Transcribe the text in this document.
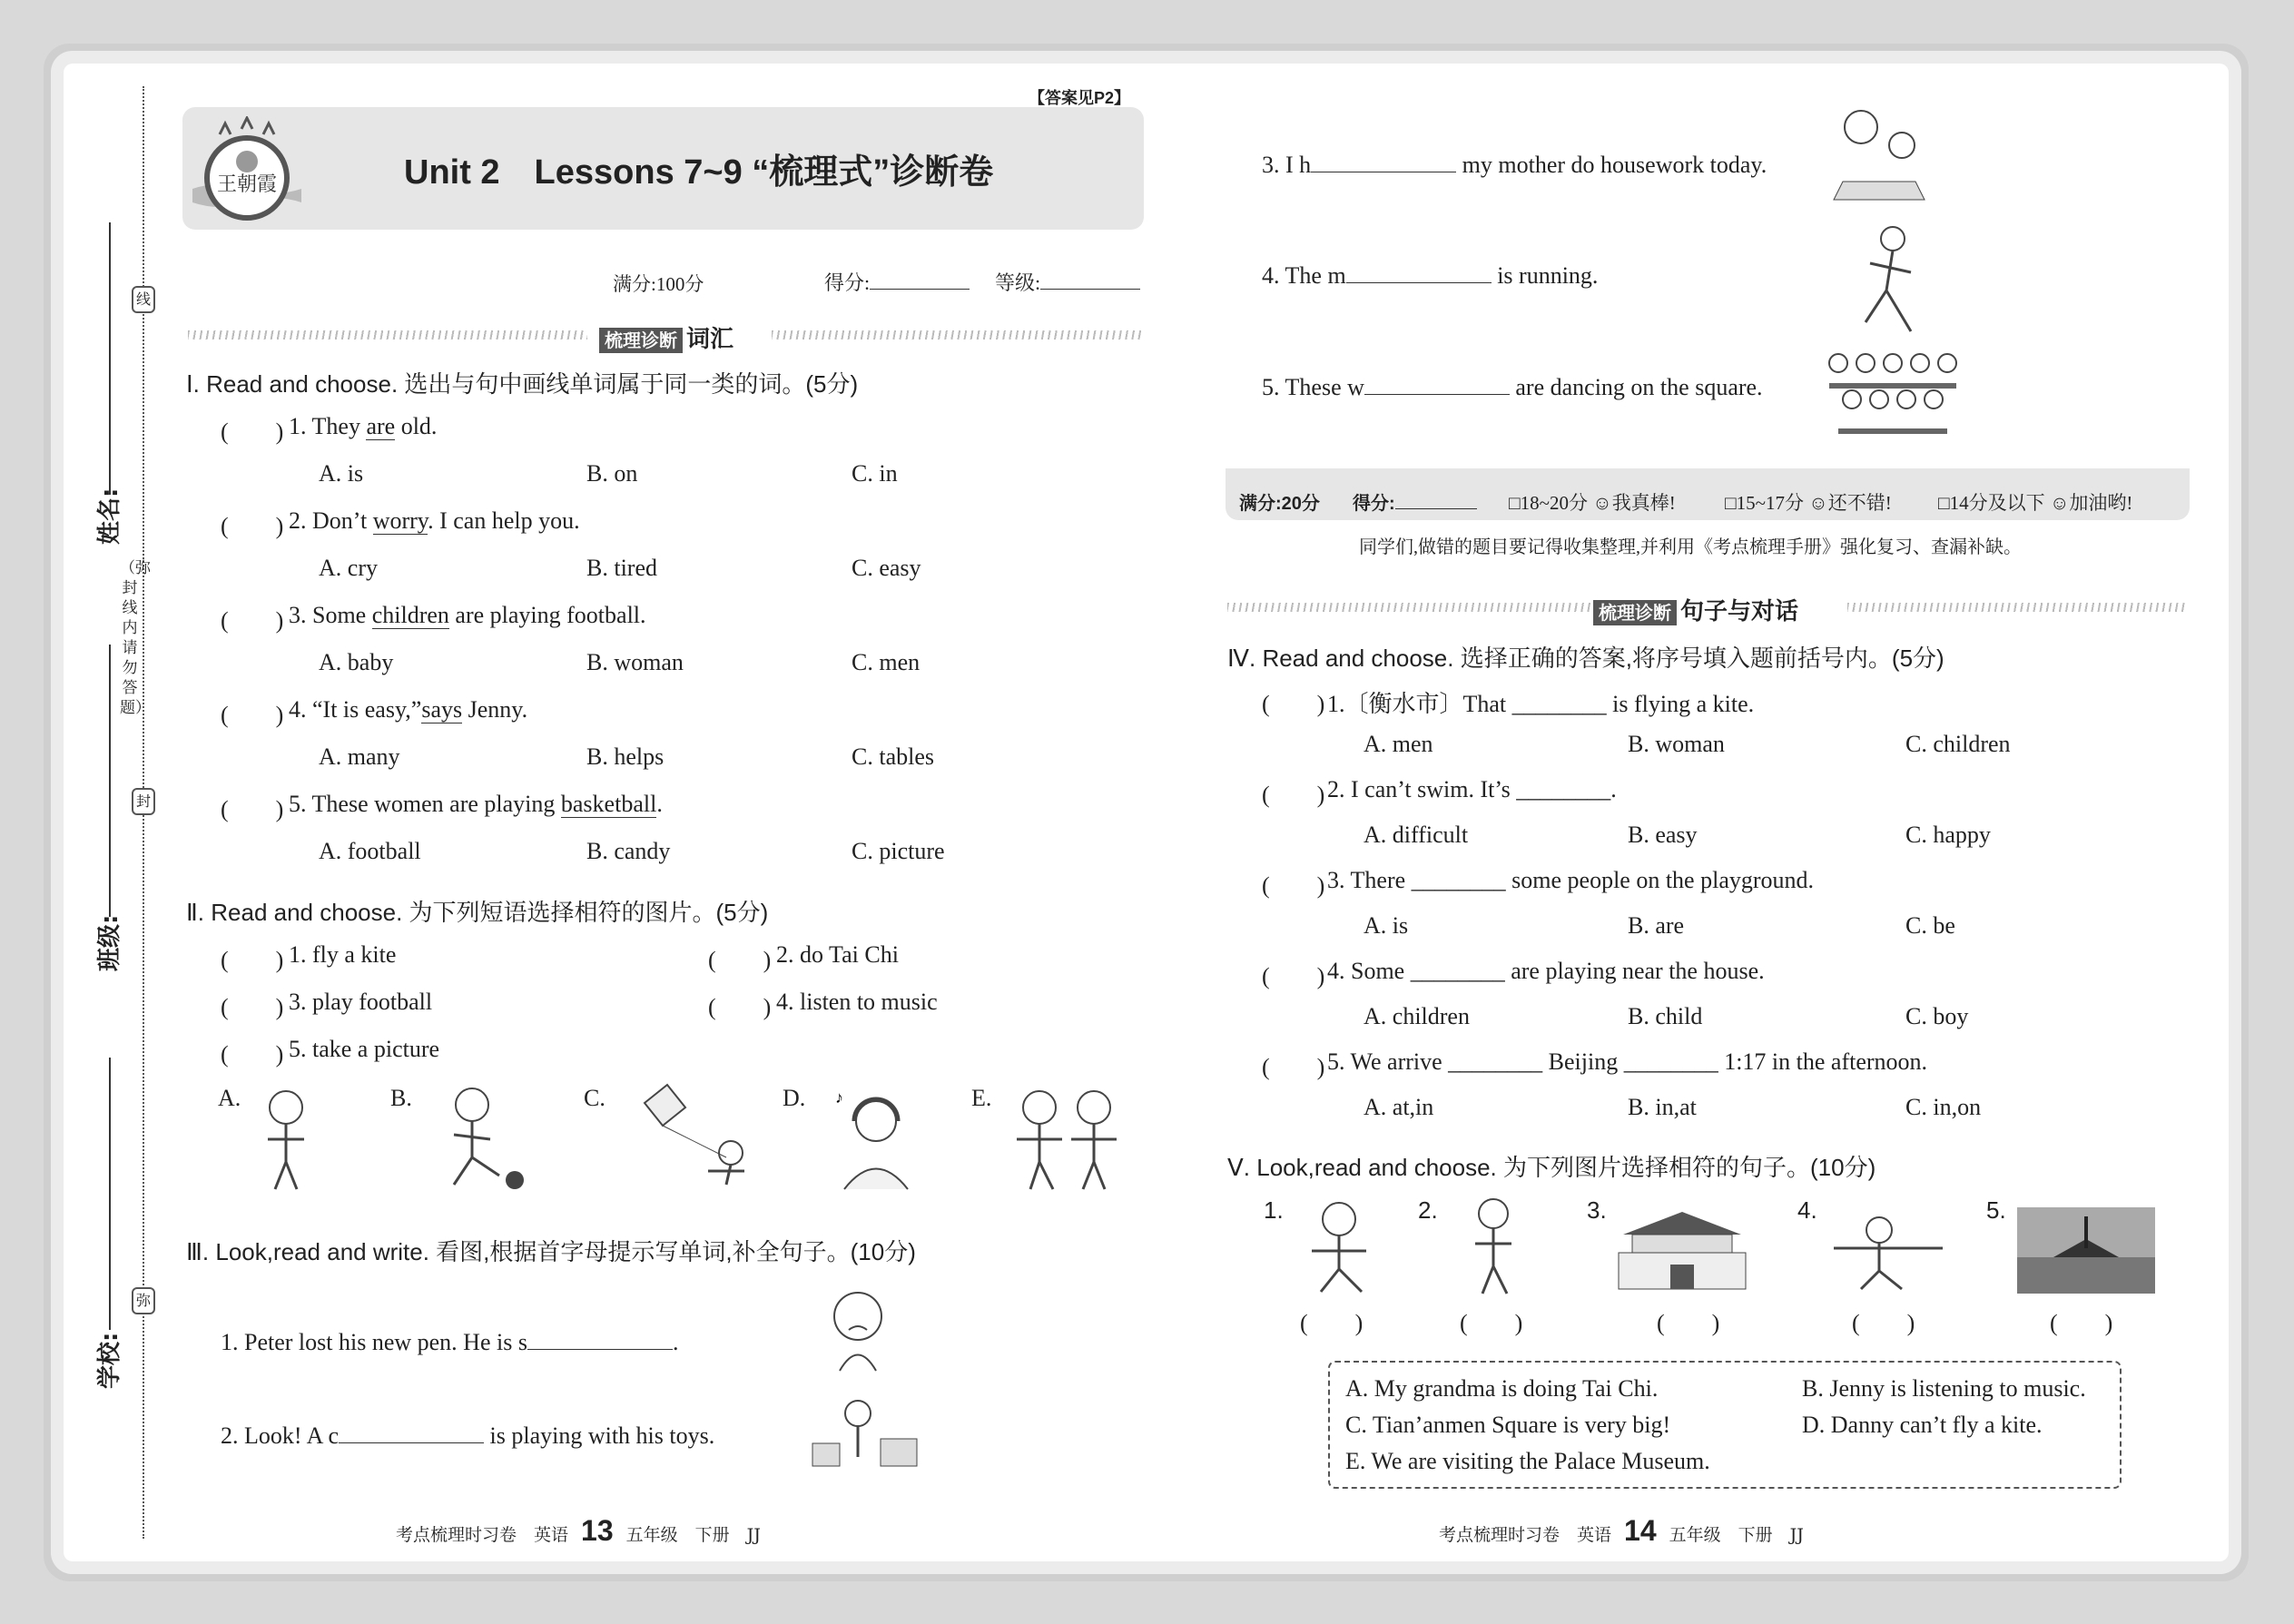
线
封
弥
（弥封线内请勿答题）
姓名:
班级:
学校:
【答案见P2】
王朝霞	Unit 2　Lessons 7~9 “梳理式”诊断卷
满分:100分	得分:	等级:
梳理诊断 词汇
Ⅰ. Read and choose. 选出与句中画线单词属于同一类的词。(5分)
(　　) 1. They are old.
A. is	B. on	C. in
(　　) 2. Don’t worry. I can help you.
A. cry	B. tired	C. easy
(　　) 3. Some children are playing football.
A. baby	B. woman	C. men
(　　) 4. “It is easy,”says Jenny.
A. many	B. helps	C. tables
(　　) 5. These women are playing basketball.
A. football	B. candy	C. picture
Ⅱ. Read and choose. 为下列短语选择相符的图片。(5分)
(　　) 1. fly a kite	(　　) 2. do Tai Chi
(　　) 3. play football	(　　) 4. listen to music
(　　) 5. take a picture
A.	B.	C.	D.	E.
♪
Ⅲ. Look,read and write. 看图,根据首字母提示写单词,补全句子。(10分)
1. Peter lost his new pen. He is s	.
2. Look! A c	is playing with his toys.
考点梳理时习卷　英语 13 五年级　下册　JJ
3. I h	my mother do housework today.
4. The m	is running.
5. These w	are dancing on the square.
满分:20分 得分:	□18~20分 ☺我真棒!	□15~17分 ☺还不错! □14分及以下 ☺加油哟!
同学们,做错的题目要记得收集整理,并利用《考点梳理手册》强化复习、查漏补缺。
梳理诊断 句子与对话
Ⅳ. Read and choose. 选择正确的答案,将序号填入题前括号内。(5分)
(　　) 1.〔衡水市〕That ________ is flying a kite.
A. men	B. woman	C. children
(　　) 2. I can’t swim. It’s ________.
A. difficult	B. easy	C. happy
(　　) 3. There ________ some people on the playground.
A. is	B. are	C. be
(　　) 4. Some ________ are playing near the house.
A. children	B. child	C. boy
(　　) 5. We arrive ________ Beijing ________ 1:17 in the afternoon.
A. at,in	B. in,at	C. in,on
Ⅴ. Look,read and choose. 为下列图片选择相符的句子。(10分)
1.	2.	3.	4.	5.
(　　)	(　　)	(　　)	(　　)	(　　)
A. My grandma is doing Tai Chi.	B. Jenny is listening to music.
C. Tian’anmen Square is very big!	D. Danny can’t fly a kite.
E. We are visiting the Palace Museum.
考点梳理时习卷　英语 14 五年级　下册　JJ
